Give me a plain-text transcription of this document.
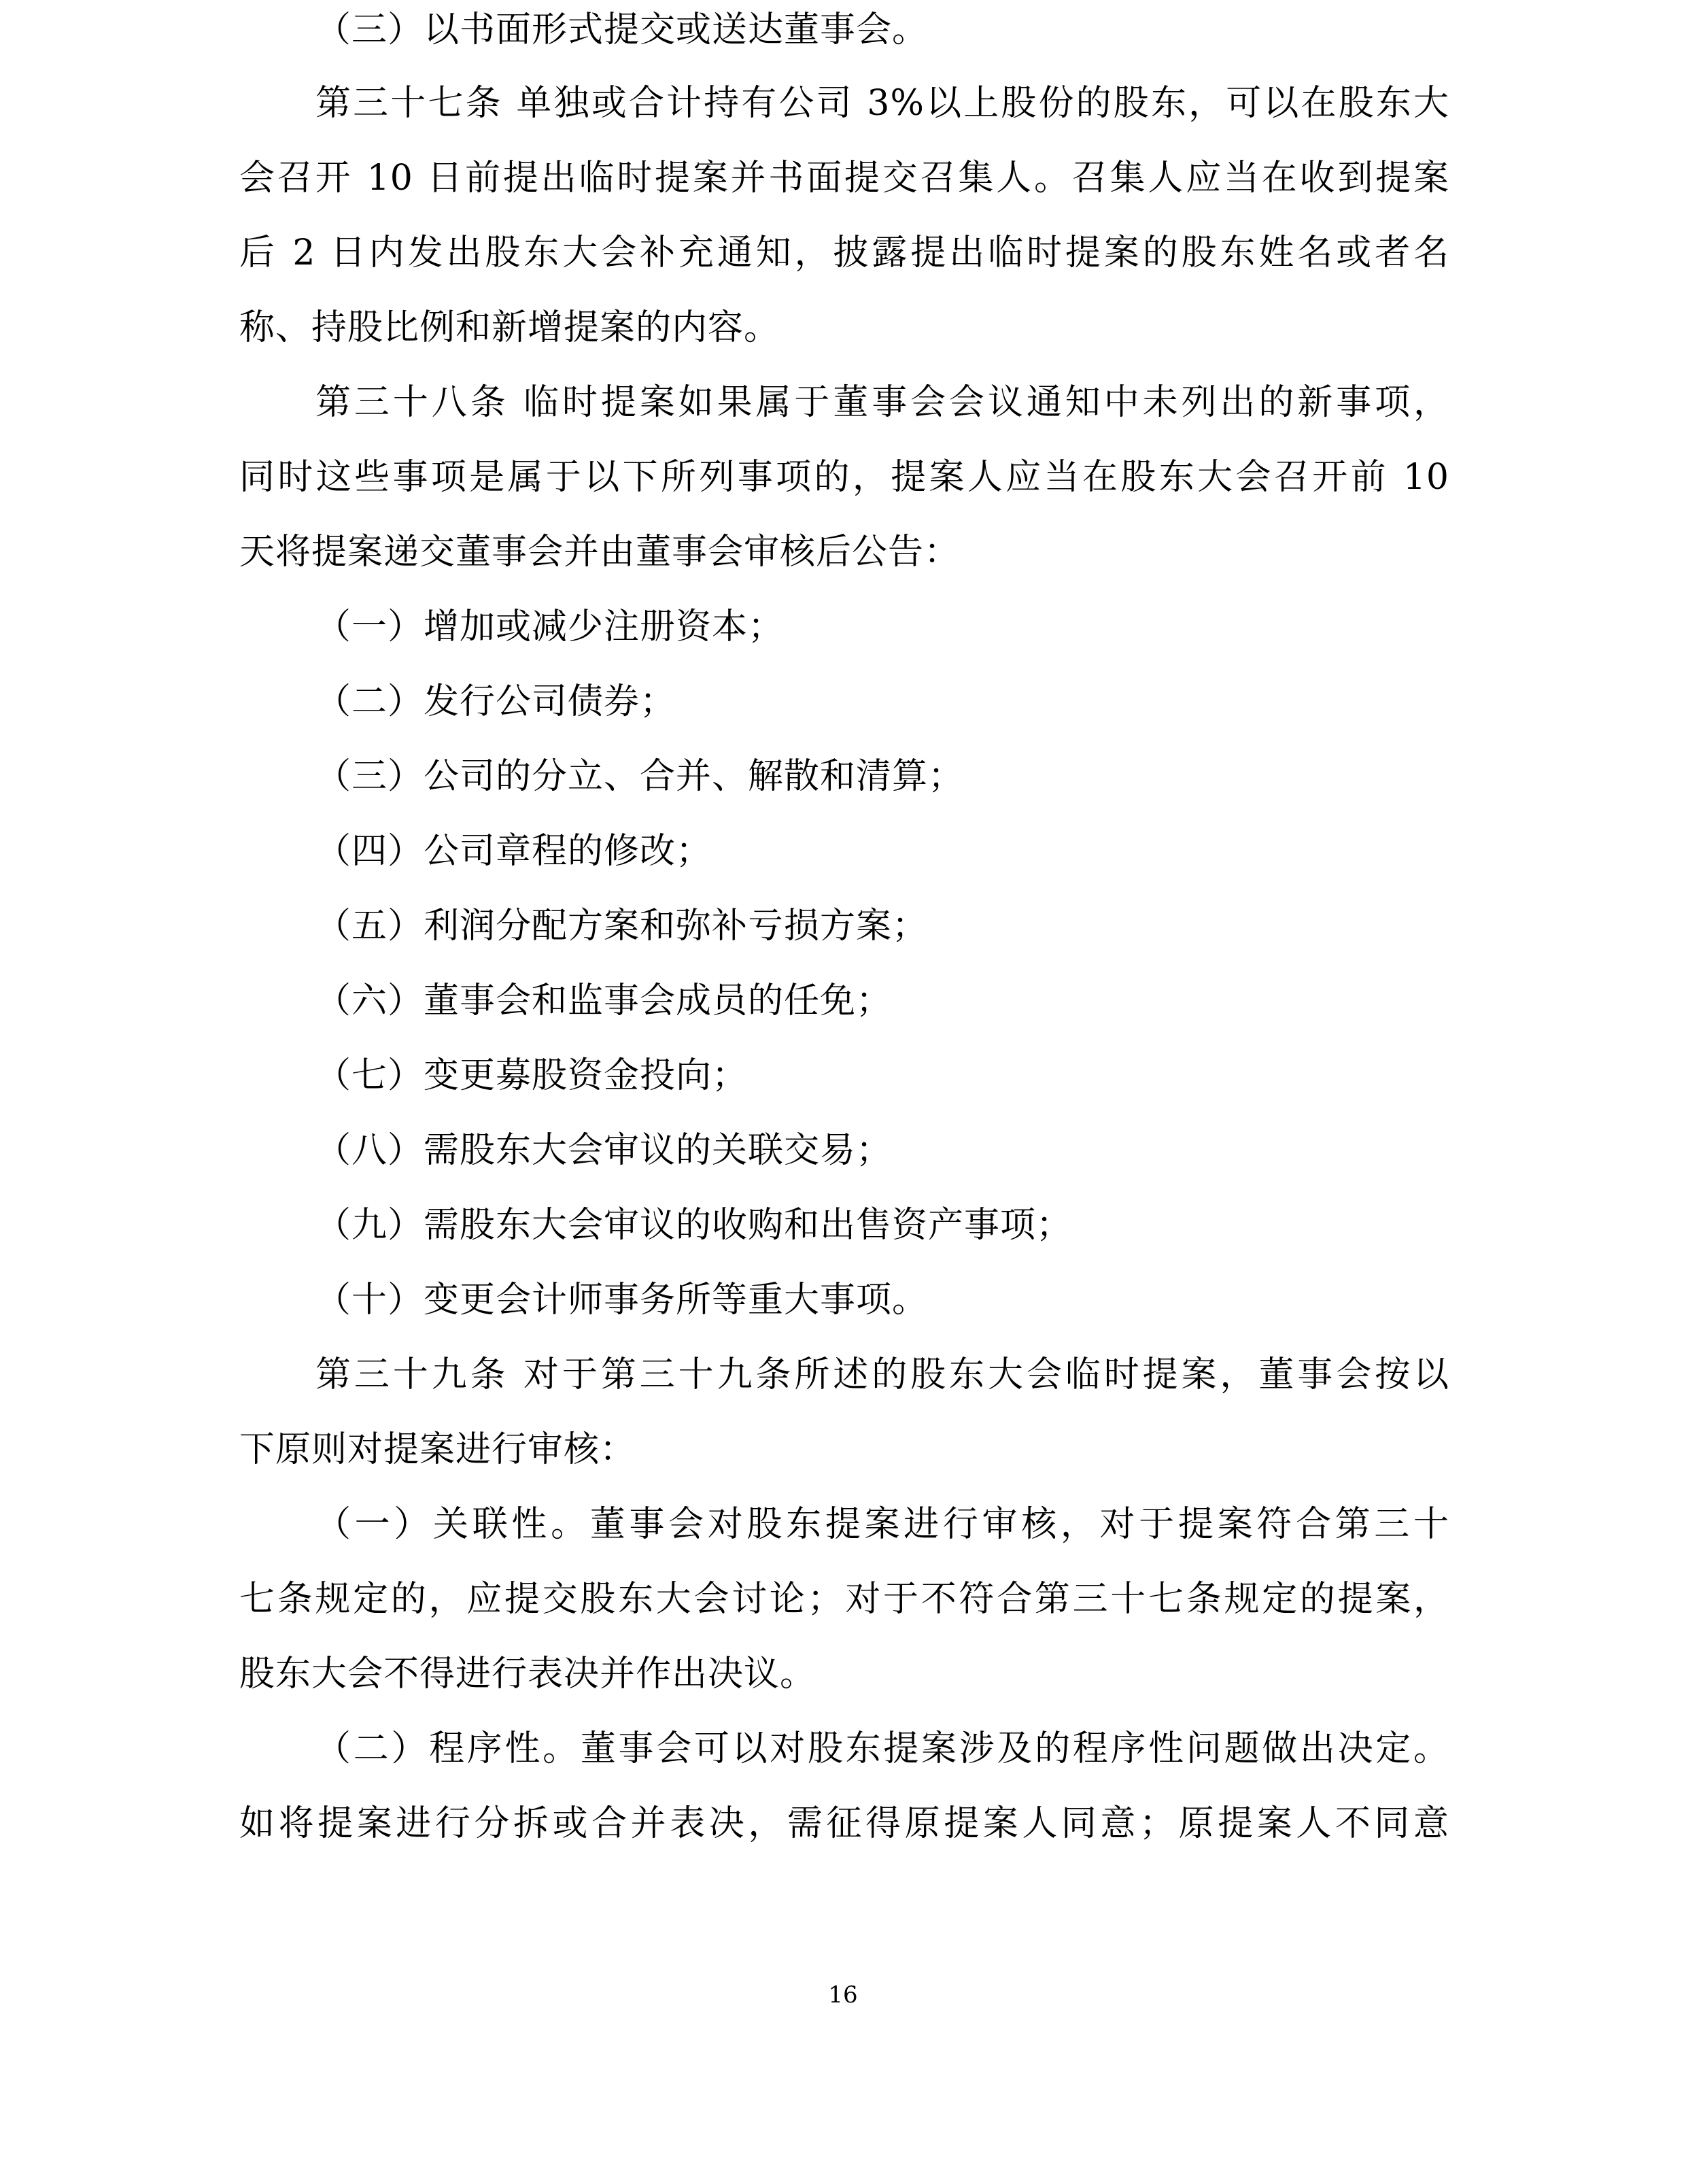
（三）以书面形式提交或送达董事会。
第三十七条 单独或合计持有公司 3%以上股份的股东，可以在股东大
会召开 10 日前提出临时提案并书面提交召集人。召集人应当在收到提案
后 2 日内发出股东大会补充通知，披露提出临时提案的股东姓名或者名
称、持股比例和新增提案的内容。
第三十八条 临时提案如果属于董事会会议通知中未列出的新事项，
同时这些事项是属于以下所列事项的，提案人应当在股东大会召开前 10
天将提案递交董事会并由董事会审核后公告：
（一）增加或减少注册资本；
（二）发行公司债券；
（三）公司的分立、合并、解散和清算；
（四）公司章程的修改；
（五）利润分配方案和弥补亏损方案；
（六）董事会和监事会成员的任免；
（七）变更募股资金投向；
（八）需股东大会审议的关联交易；
（九）需股东大会审议的收购和出售资产事项；
（十）变更会计师事务所等重大事项。
第三十九条 对于第三十九条所述的股东大会临时提案，董事会按以
下原则对提案进行审核：
（一）关联性。董事会对股东提案进行审核，对于提案符合第三十
七条规定的，应提交股东大会讨论；对于不符合第三十七条规定的提案，
股东大会不得进行表决并作出决议。
（二）程序性。董事会可以对股东提案涉及的程序性问题做出决定。
如将提案进行分拆或合并表决，需征得原提案人同意；原提案人不同意
16
